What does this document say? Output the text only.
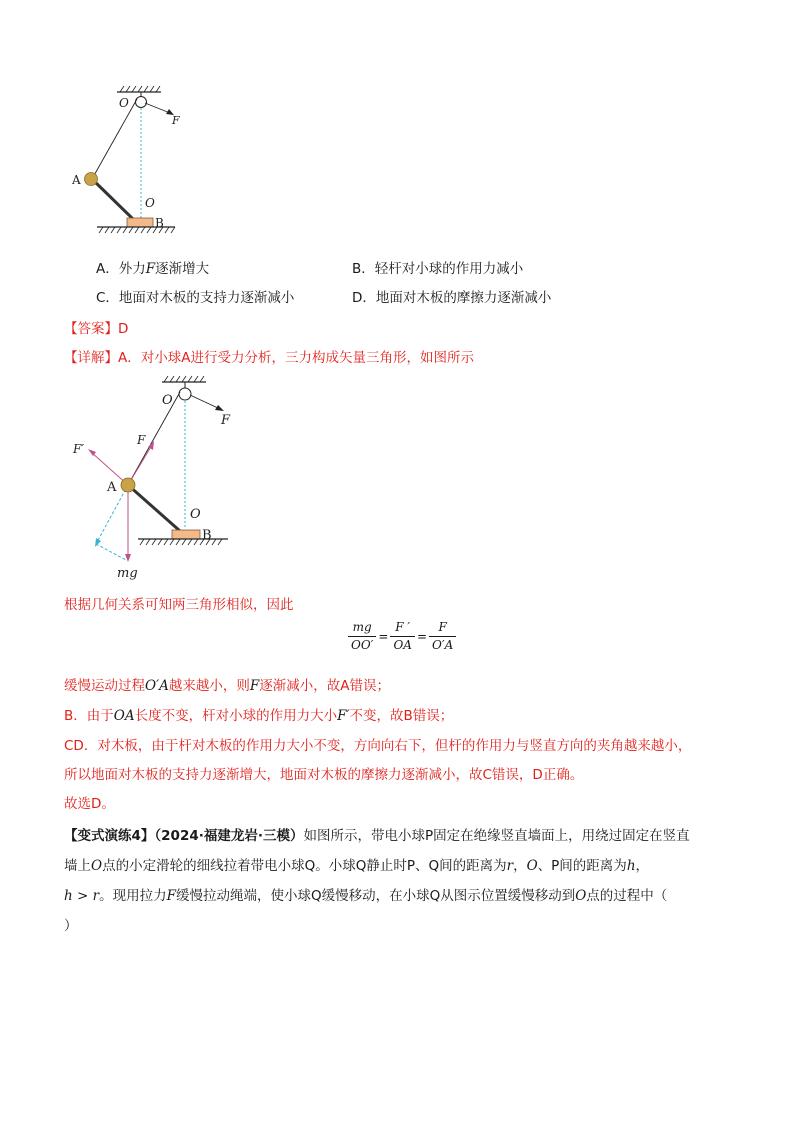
O
F
A
O
B
A．外力F逐渐增大	B．轻杆对小球的作用力减小
C．地面对木板的支持力逐渐减小	D．地面对木板的摩擦力逐渐减小
【答案】D
【详解】A．对小球A进行受力分析，三力构成矢量三角形，如图所示
O
F
F
F′
A
O
B
mg
根据几何关系可知两三角形相似，因此
$\frac{mg}{OO'} = \frac{F '}{OA} = \frac{F}{O'A}$
缓慢运动过程O′A越来越小，则F逐渐减小，故A错误；
B．由于OA长度不变，杆对小球的作用力大小F′不变，故B错误；
CD．对木板，由于杆对木板的作用力大小不变，方向向右下，但杆的作用力与竖直方向的夹角越来越小，
所以地面对木板的支持力逐渐增大，地面对木板的摩擦力逐渐减小，故C错误，D正确。
故选D。
【变式演练4】（2024·福建龙岩·三模）如图所示，带电小球P固定在绝缘竖直墙面上，用绕过固定在竖直
墙上O点的小定滑轮的细线拉着带电小球Q。小球Q静止时P、Q间的距离为r，O、P间的距离为h，
h > r。现用拉力F缓慢拉动绳端，使小球Q缓慢移动，在小球Q从图示位置缓慢移动到O点的过程中（
）
